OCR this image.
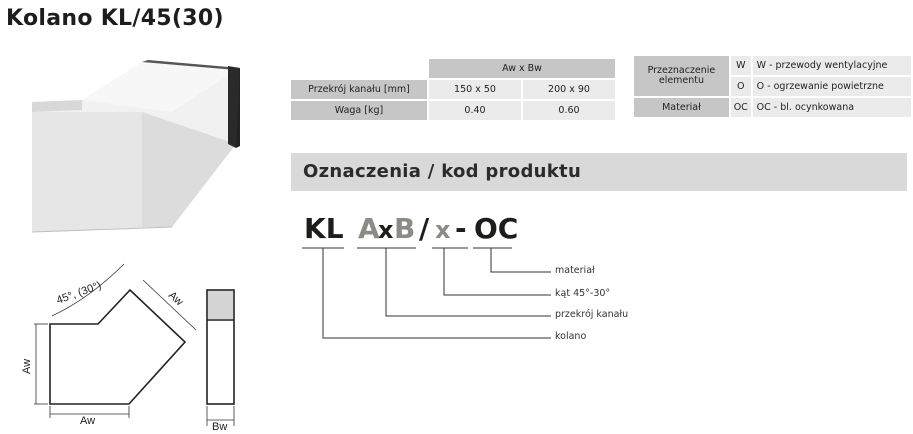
Kolano KL/45(30)
45°, (30°)	Aw
Aw
Aw	Bw
	Aw x Bw	
Przekrój kanału [mm]	150 x 50	200 x 90
Waga [kg]	0.40	0.60
Przeznaczenie elementu	W	W - przewody wentylacyjne
	O	O - ogrzewanie powietrzne
Materiał	OC	OC - bl. ocynkowana
Oznaczenia / kod produktu
KL A
x B / x - OC
materiał
kąt 45°-30°
przekrój kanału
kolano
